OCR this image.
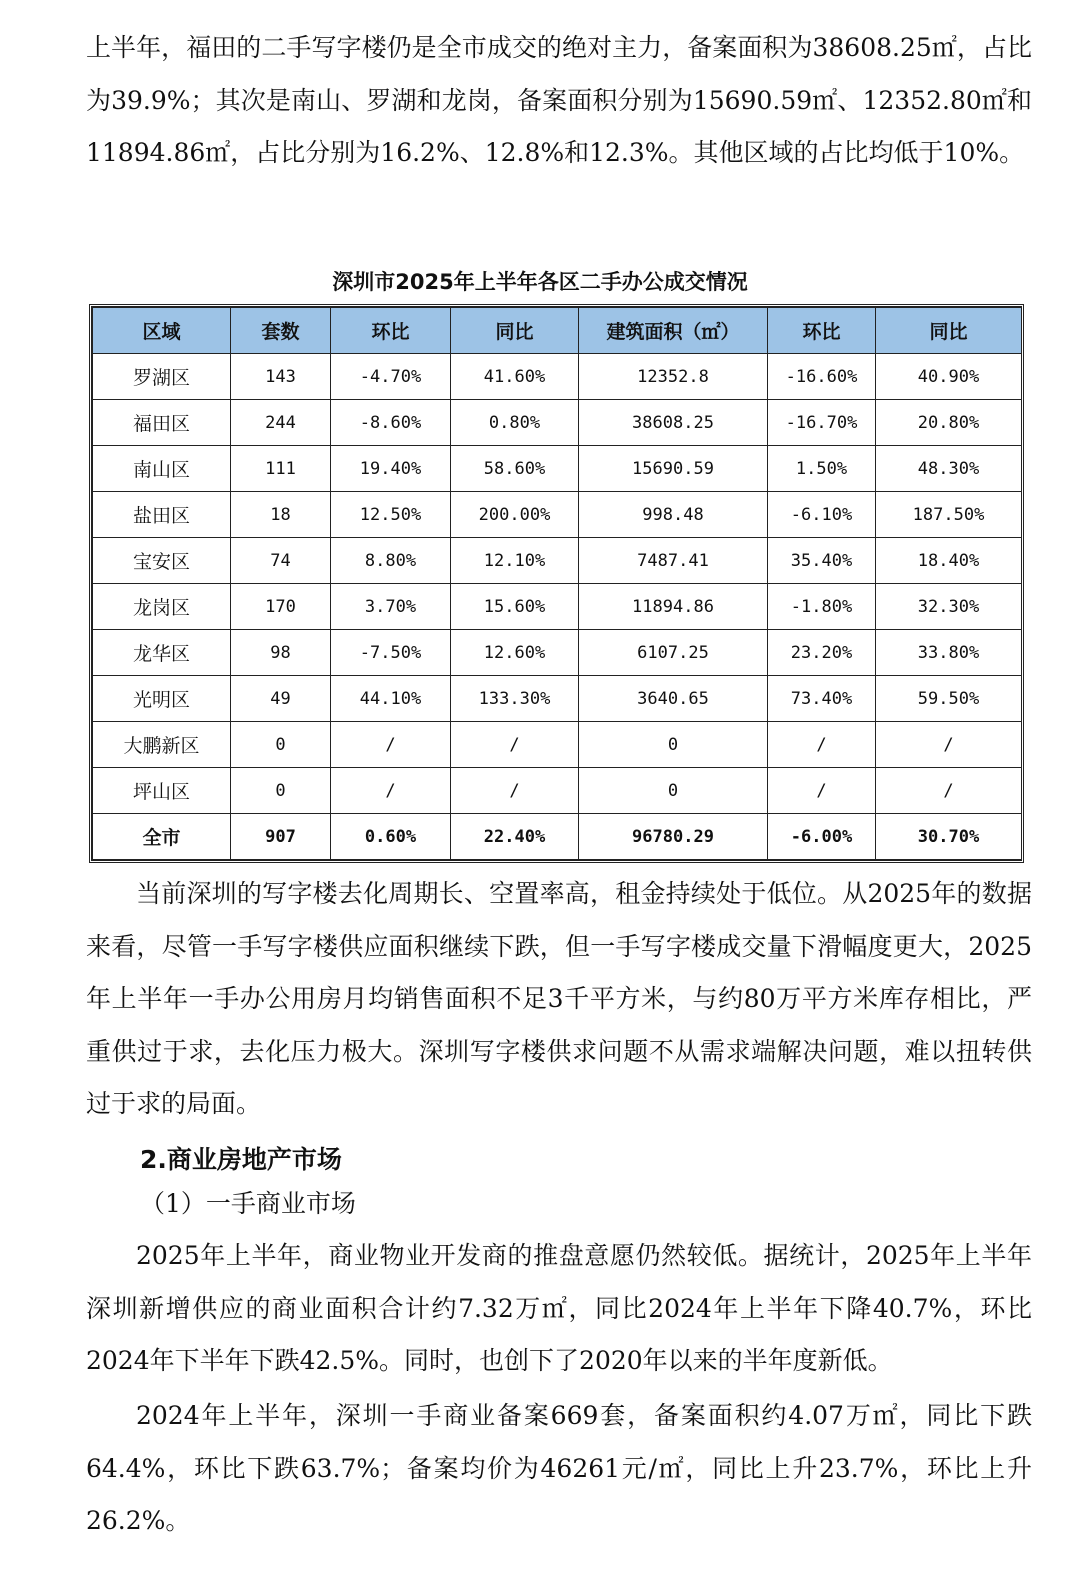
上半年，福田的二手写字楼仍是全市成交的绝对主力，备案面积为38608.25㎡，占比为39.9%；其次是南山、罗湖和龙岗，备案面积分别为15690.59㎡、12352.80㎡和11894.86㎡，占比分别为16.2%、12.8%和12.3%。其他区域的占比均低于10%。

深圳市2025年上半年各区二手办公成交情况
区域	套数	环比	同比	建筑面积（㎡）	环比	同比
罗湖区	143	-4.70%	41.60%	12352.8	-16.60%	40.90%
福田区	244	-8.60%	0.80%	38608.25	-16.70%	20.80%
南山区	111	19.40%	58.60%	15690.59	1.50%	48.30%
盐田区	18	12.50%	200.00%	998.48	-6.10%	187.50%
宝安区	74	8.80%	12.10%	7487.41	35.40%	18.40%
龙岗区	170	3.70%	15.60%	11894.86	-1.80%	32.30%
龙华区	98	-7.50%	12.60%	6107.25	23.20%	33.80%
光明区	49	44.10%	133.30%	3640.65	73.40%	59.50%
大鹏新区	0	/	/	0	/	/
坪山区	0	/	/	0	/	/
全市	907	0.60%	22.40%	96780.29	-6.00%	30.70%

当前深圳的写字楼去化周期长、空置率高，租金持续处于低位。从2025年的数据来看，尽管一手写字楼供应面积继续下跌，但一手写字楼成交量下滑幅度更大，2025年上半年一手办公用房月均销售面积不足3千平方米，与约80万平方米库存相比，严重供过于求，去化压力极大。深圳写字楼供求问题不从需求端解决问题，难以扭转供过于求的局面。

2.商业房地产市场
（1）一手商业市场

2025年上半年，商业物业开发商的推盘意愿仍然较低。据统计，2025年上半年深圳新增供应的商业面积合计约7.32万㎡，同比2024年上半年下降40.7%，环比2024年下半年下跌42.5%。同时，也创下了2020年以来的半年度新低。

2024年上半年，深圳一手商业备案669套，备案面积约4.07万㎡，同比下跌64.4%，环比下跌63.7%；备案均价为46261元/㎡，同比上升23.7%，环比上升26.2%。
